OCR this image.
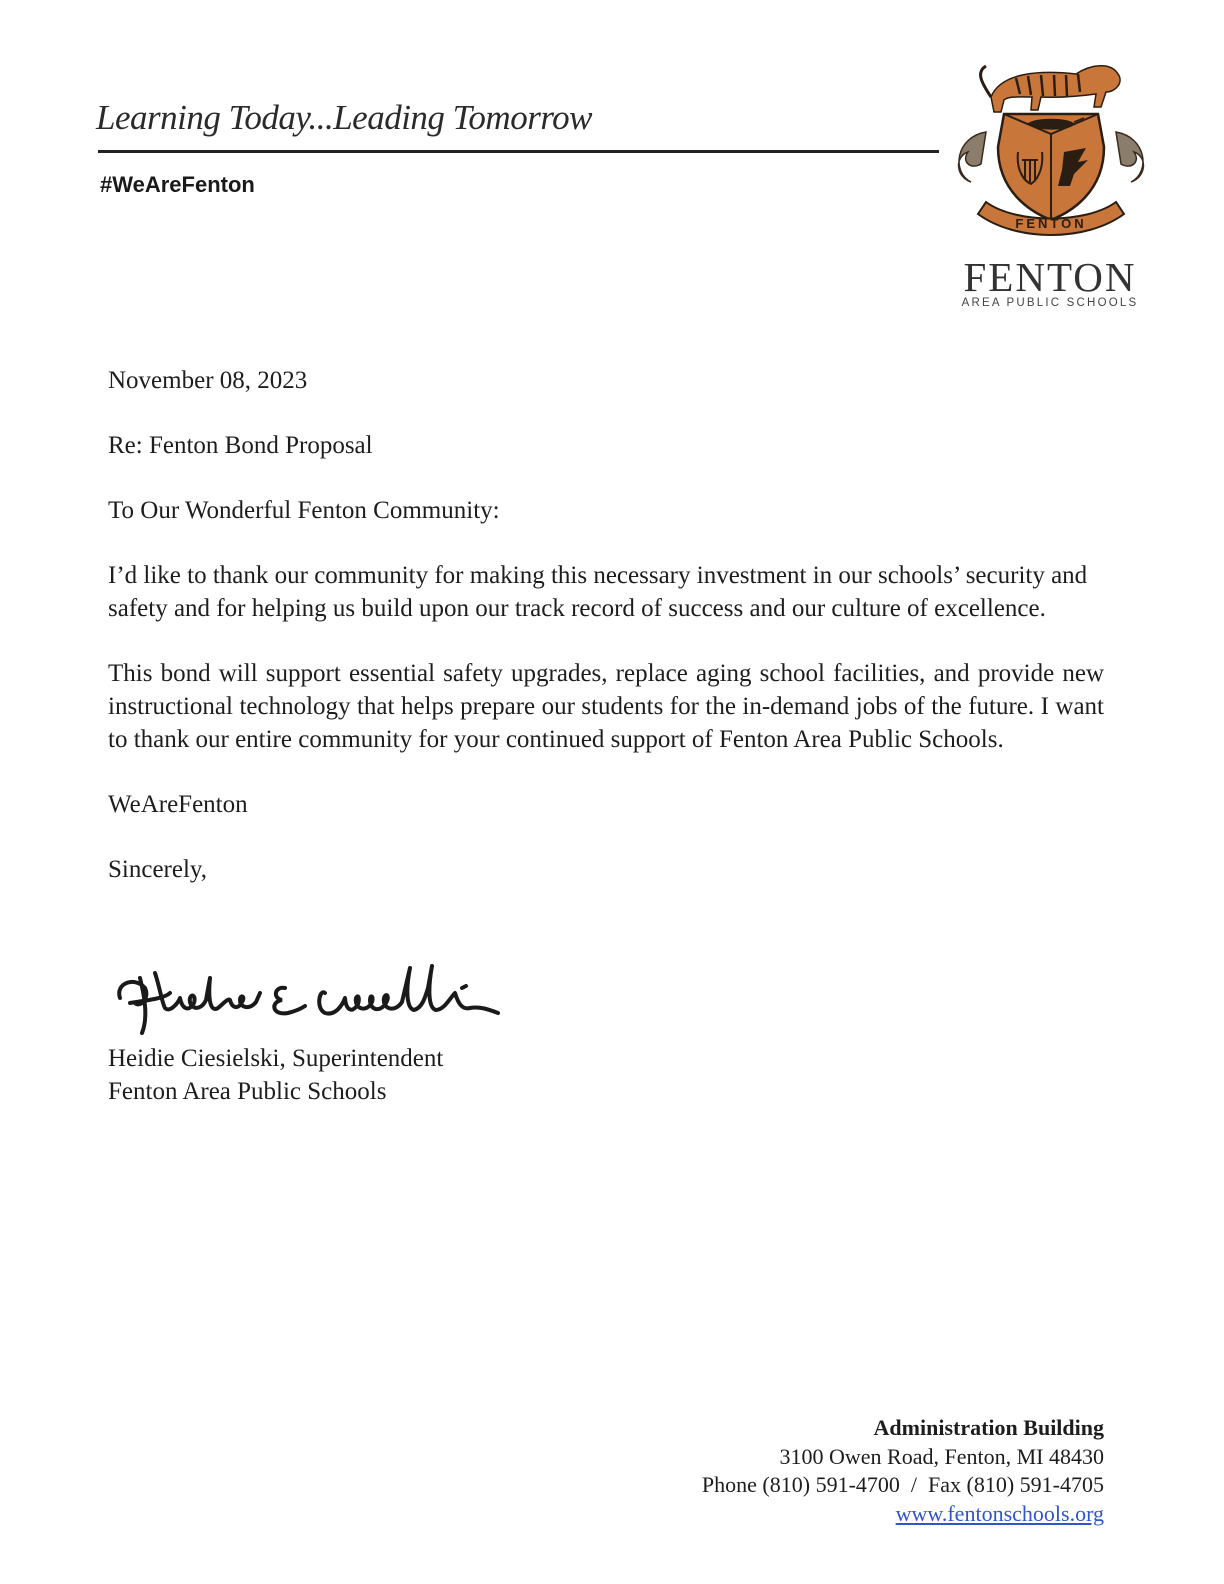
Learning Today...Leading Tomorrow
#WeAreFenton
FENTON
FENTON
AREA PUBLIC SCHOOLS

November 08, 2023

Re: Fenton Bond Proposal

To Our Wonderful Fenton Community:

I’d like to thank our community for making this necessary investment in our schools’ security and safety and for helping us build upon our track record of success and our culture of excellence.

This bond will support essential safety upgrades, replace aging school facilities, and provide new instructional technology that helps prepare our students for the in-demand jobs of the future. I want to thank our entire community for your continued support of Fenton Area Public Schools.

WeAreFenton

Sincerely,

Heidie Ciesielski, Superintendent
Fenton Area Public Schools
Administration Building
3100 Owen Road, Fenton, MI 48430
Phone (810) 591-4700  /  Fax (810) 591-4705
www.fentonschools.org
